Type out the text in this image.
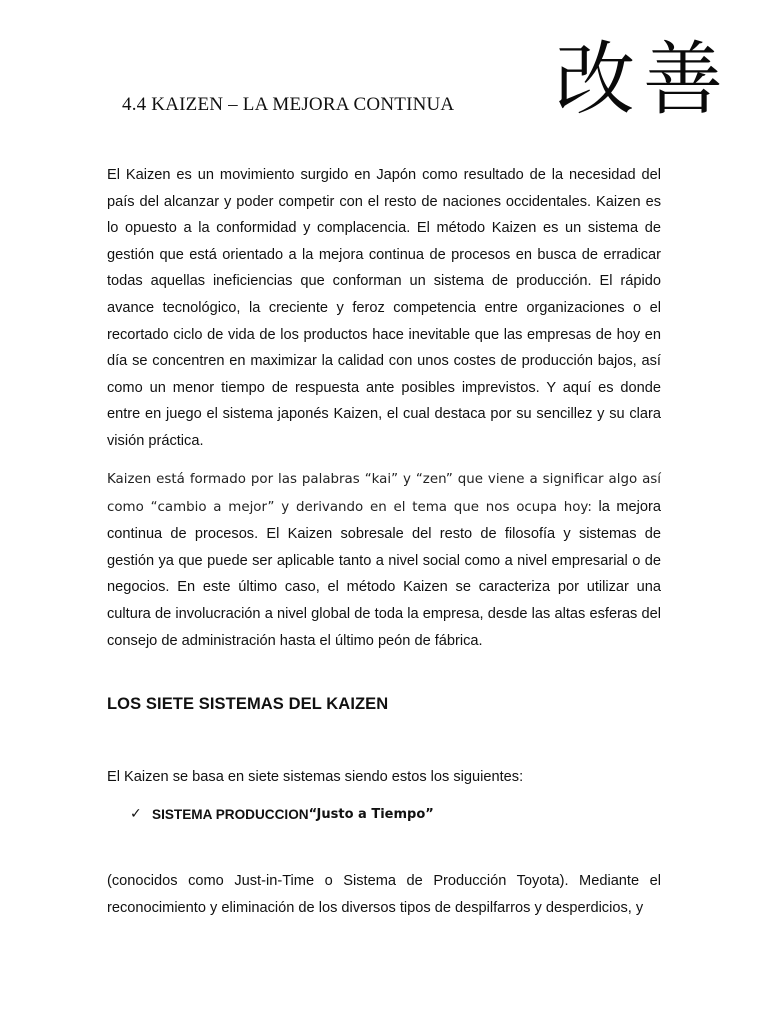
4.4 KAIZEN – LA MEJORA CONTINUA 改善

El Kaizen es un movimiento surgido en Japón como resultado de la necesidad del país del alcanzar y poder competir con el resto de naciones occidentales. Kaizen es lo opuesto a la conformidad y complacencia. El método Kaizen es un sistema de gestión que está orientado a la mejora continua de procesos en busca de erradicar todas aquellas ineficiencias que conforman un sistema de producción. El rápido avance tecnológico, la creciente y feroz competencia entre organizaciones o el recortado ciclo de vida de los productos hace inevitable que las empresas de hoy en día se concentren en maximizar la calidad con unos costes de producción bajos, así como un menor tiempo de respuesta ante posibles imprevistos. Y aquí es donde entre en juego el sistema japonés Kaizen, el cual destaca por su sencillez y su clara visión práctica.

Kaizen está formado por las palabras “kai” y “zen” que viene a significar algo así como “cambio a mejor” y derivando en el tema que nos ocupa hoy: la mejora continua de procesos. El Kaizen sobresale del resto de filosofía y sistemas de gestión ya que puede ser aplicable tanto a nivel social como a nivel empresarial o de negocios. En este último caso, el método Kaizen se caracteriza por utilizar una cultura de involucración a nivel global de toda la empresa, desde las altas esferas del consejo de administración hasta el último peón de fábrica.

LOS SIETE SISTEMAS DEL KAIZEN

El Kaizen se basa en siete sistemas siendo estos los siguientes:

✓ SISTEMA PRODUCCION “Justo a Tiempo”

(conocidos como Just-in-Time o Sistema de Producción Toyota). Mediante el reconocimiento y eliminación de los diversos tipos de despilfarros y desperdicios, y
